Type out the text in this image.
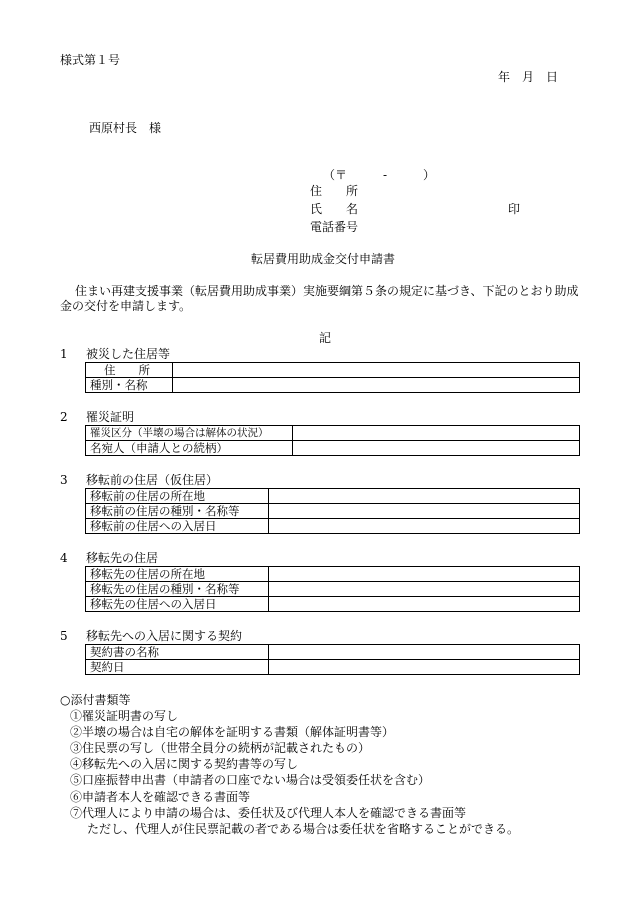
様式第１号
年　月　日
西原村長　様
（〒　　　-　　　）
住　　所
氏　　名	印
電話番号
転居費用助成金交付申請書
住まい再建支援事業（転居費用助成事業）実施要綱第５条の規定に基づき、下記のとおり助成
金の交付を申請します。
記
1 被災した住居等
住　　所	
種別・名称	
2 罹災証明
罹災区分（半壊の場合は解体の状況）	
名宛人（申請人との続柄）	
3 移転前の住居（仮住居）
移転前の住居の所在地	
移転前の住居の種別・名称等	
移転前の住居への入居日	
4 移転先の住居
移転先の住居の所在地	
移転先の住居の種別・名称等	
移転先の住居への入居日	
5 移転先への入居に関する契約
契約書の名称	
契約日	
○添付書類等
①罹災証明書の写し
②半壊の場合は自宅の解体を証明する書類（解体証明書等）
③住民票の写し（世帯全員分の続柄が記載されたもの）
④移転先への入居に関する契約書等の写し
⑤口座振替申出書（申請者の口座でない場合は受領委任状を含む）
⑥申請者本人を確認できる書面等
⑦代理人により申請の場合は、委任状及び代理人本人を確認できる書面等
ただし、代理人が住民票記載の者である場合は委任状を省略することができる。
